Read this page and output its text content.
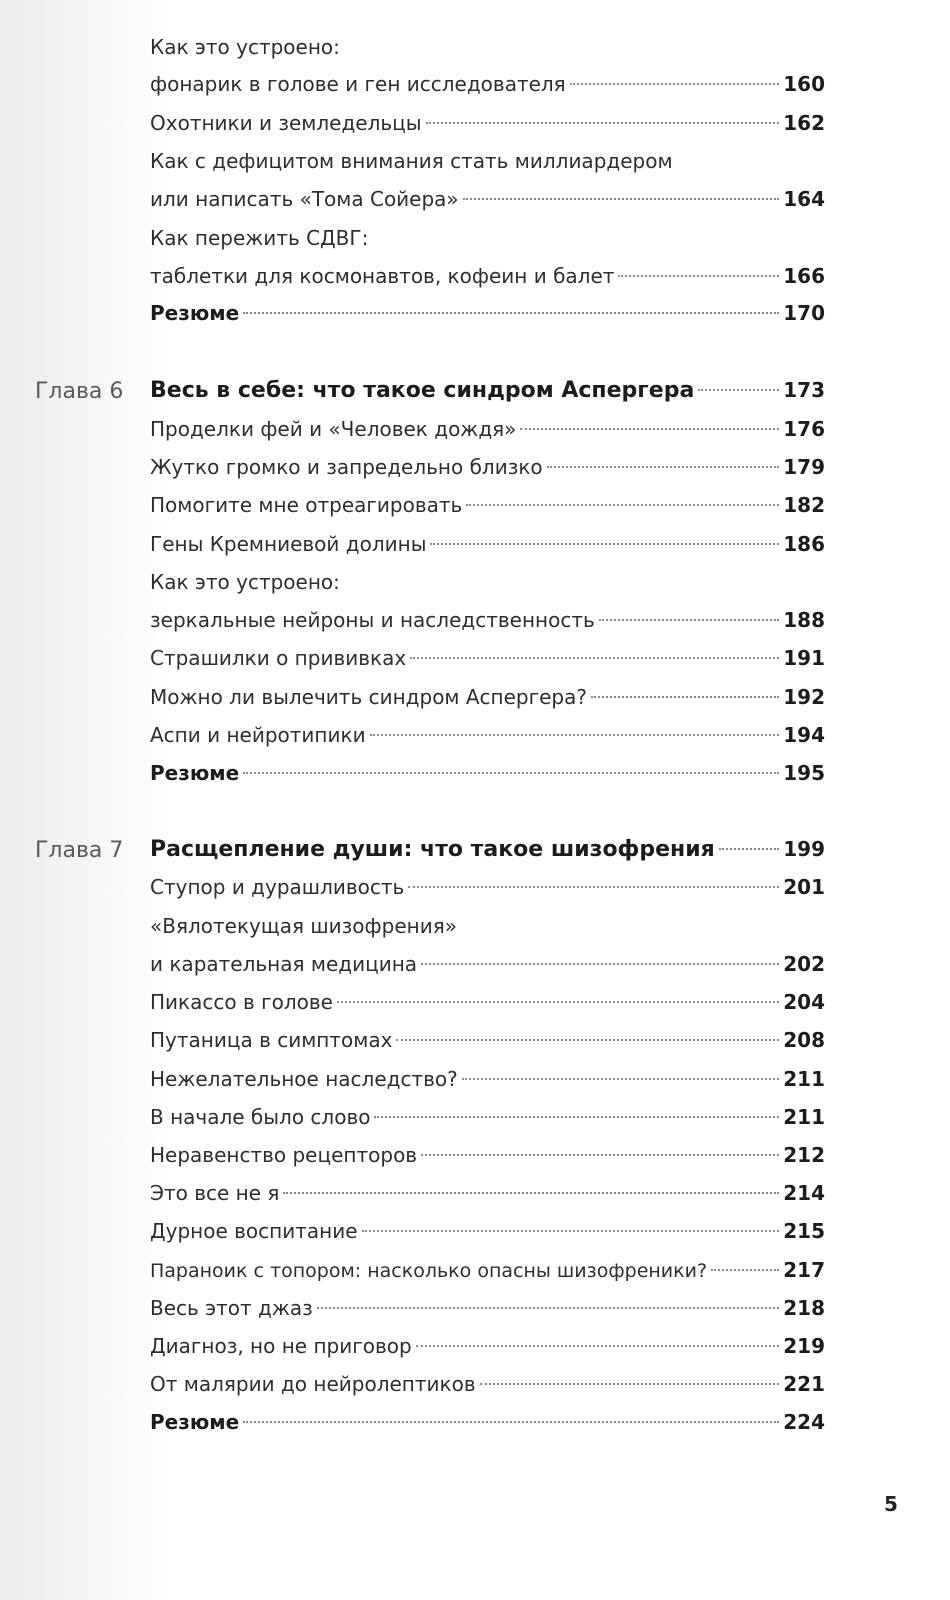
Как это устроено:
фонарик в голове и ген исследователя	160
Охотники и земледельцы	162
Как с дефицитом внимания стать миллиардером
или написать «Тома Сойера»	164
Как пережить СДВГ:
таблетки для космонавтов, кофеин и балет	166
Резюме	170
Глава 6 Весь в себе: что такое синдром Аспергера	173
Проделки фей и «Человек дождя»	176
Жутко громко и запредельно близко	179
Помогите мне отреагировать	182
Гены Кремниевой долины	186
Как это устроено:
зеркальные нейроны и наследственность	188
Страшилки о прививках	191
Можно ли вылечить синдром Аспергера?	192
Аспи и нейротипики	194
Резюме	195
Глава 7 Расщепление души: что такое шизофрения	199
Ступор и дурашливость	201
«Вялотекущая шизофрения»
и карательная медицина	202
Пикассо в голове	204
Путаница в симптомах	208
Нежелательное наследство?	211
В начале было слово	211
Неравенство рецепторов	212
Это все не я	214
Дурное воспитание	215
Параноик с топором: насколько опасны шизофреники?	217
Весь этот джаз	218
Диагноз, но не приговор	219
От малярии до нейролептиков	221
Резюме	224
5
